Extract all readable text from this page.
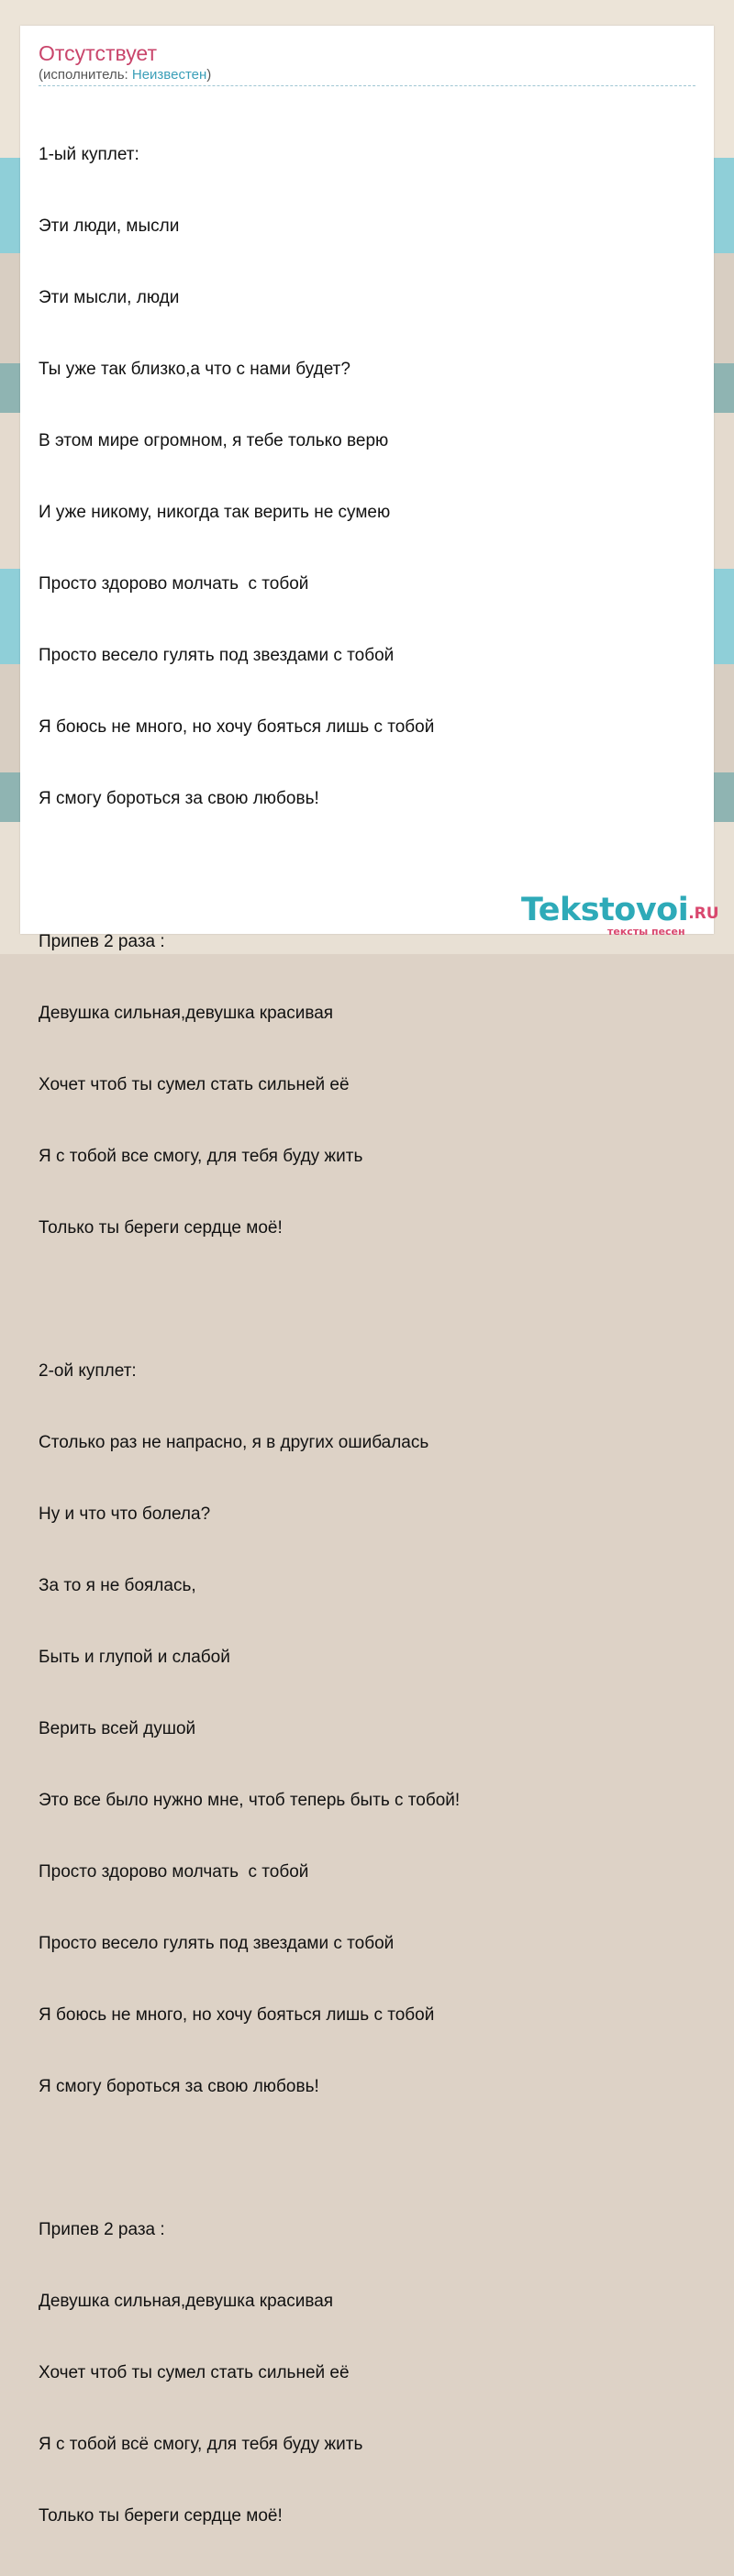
Отсутствует
(исполнитель: Неизвестен)

1-ый куплет:

Эти люди, мысли

Эти мысли, люди

Ты уже так близко,а что с нами будет?

В этом мире огромном, я тебе только верю

И уже никому, никогда так верить не сумею

Просто здорово молчать  с тобой

Просто весело гулять под звездами с тобой

Я боюсь не много, но хочу бояться лишь с тобой

Я смогу бороться за свою любовь!

Припев 2 раза :

Девушка сильная,девушка красивая

Хочет чтоб ты сумел стать сильней её

Я с тобой все смогу, для тебя буду жить

Только ты береги сердце моё!

2-ой куплет:

Столько раз не напрасно, я в других ошибалась

Ну и что что болела?

За то я не боялась,

Быть и глупой и слабой

Верить всей душой

Это все было нужно мне, чтоб теперь быть с тобой!

Просто здорово молчать  с тобой

Просто весело гулять под звездами с тобой

Я боюсь не много, но хочу бояться лишь с тобой

Я смогу бороться за свою любовь!

Припев 2 раза :

Девушка сильная,девушка красивая

Хочет чтоб ты сумел стать сильней её

Я с тобой всё смогу, для тебя буду жить

Только ты береги сердце моё!

Tekstovoi.RU
тексты песен
